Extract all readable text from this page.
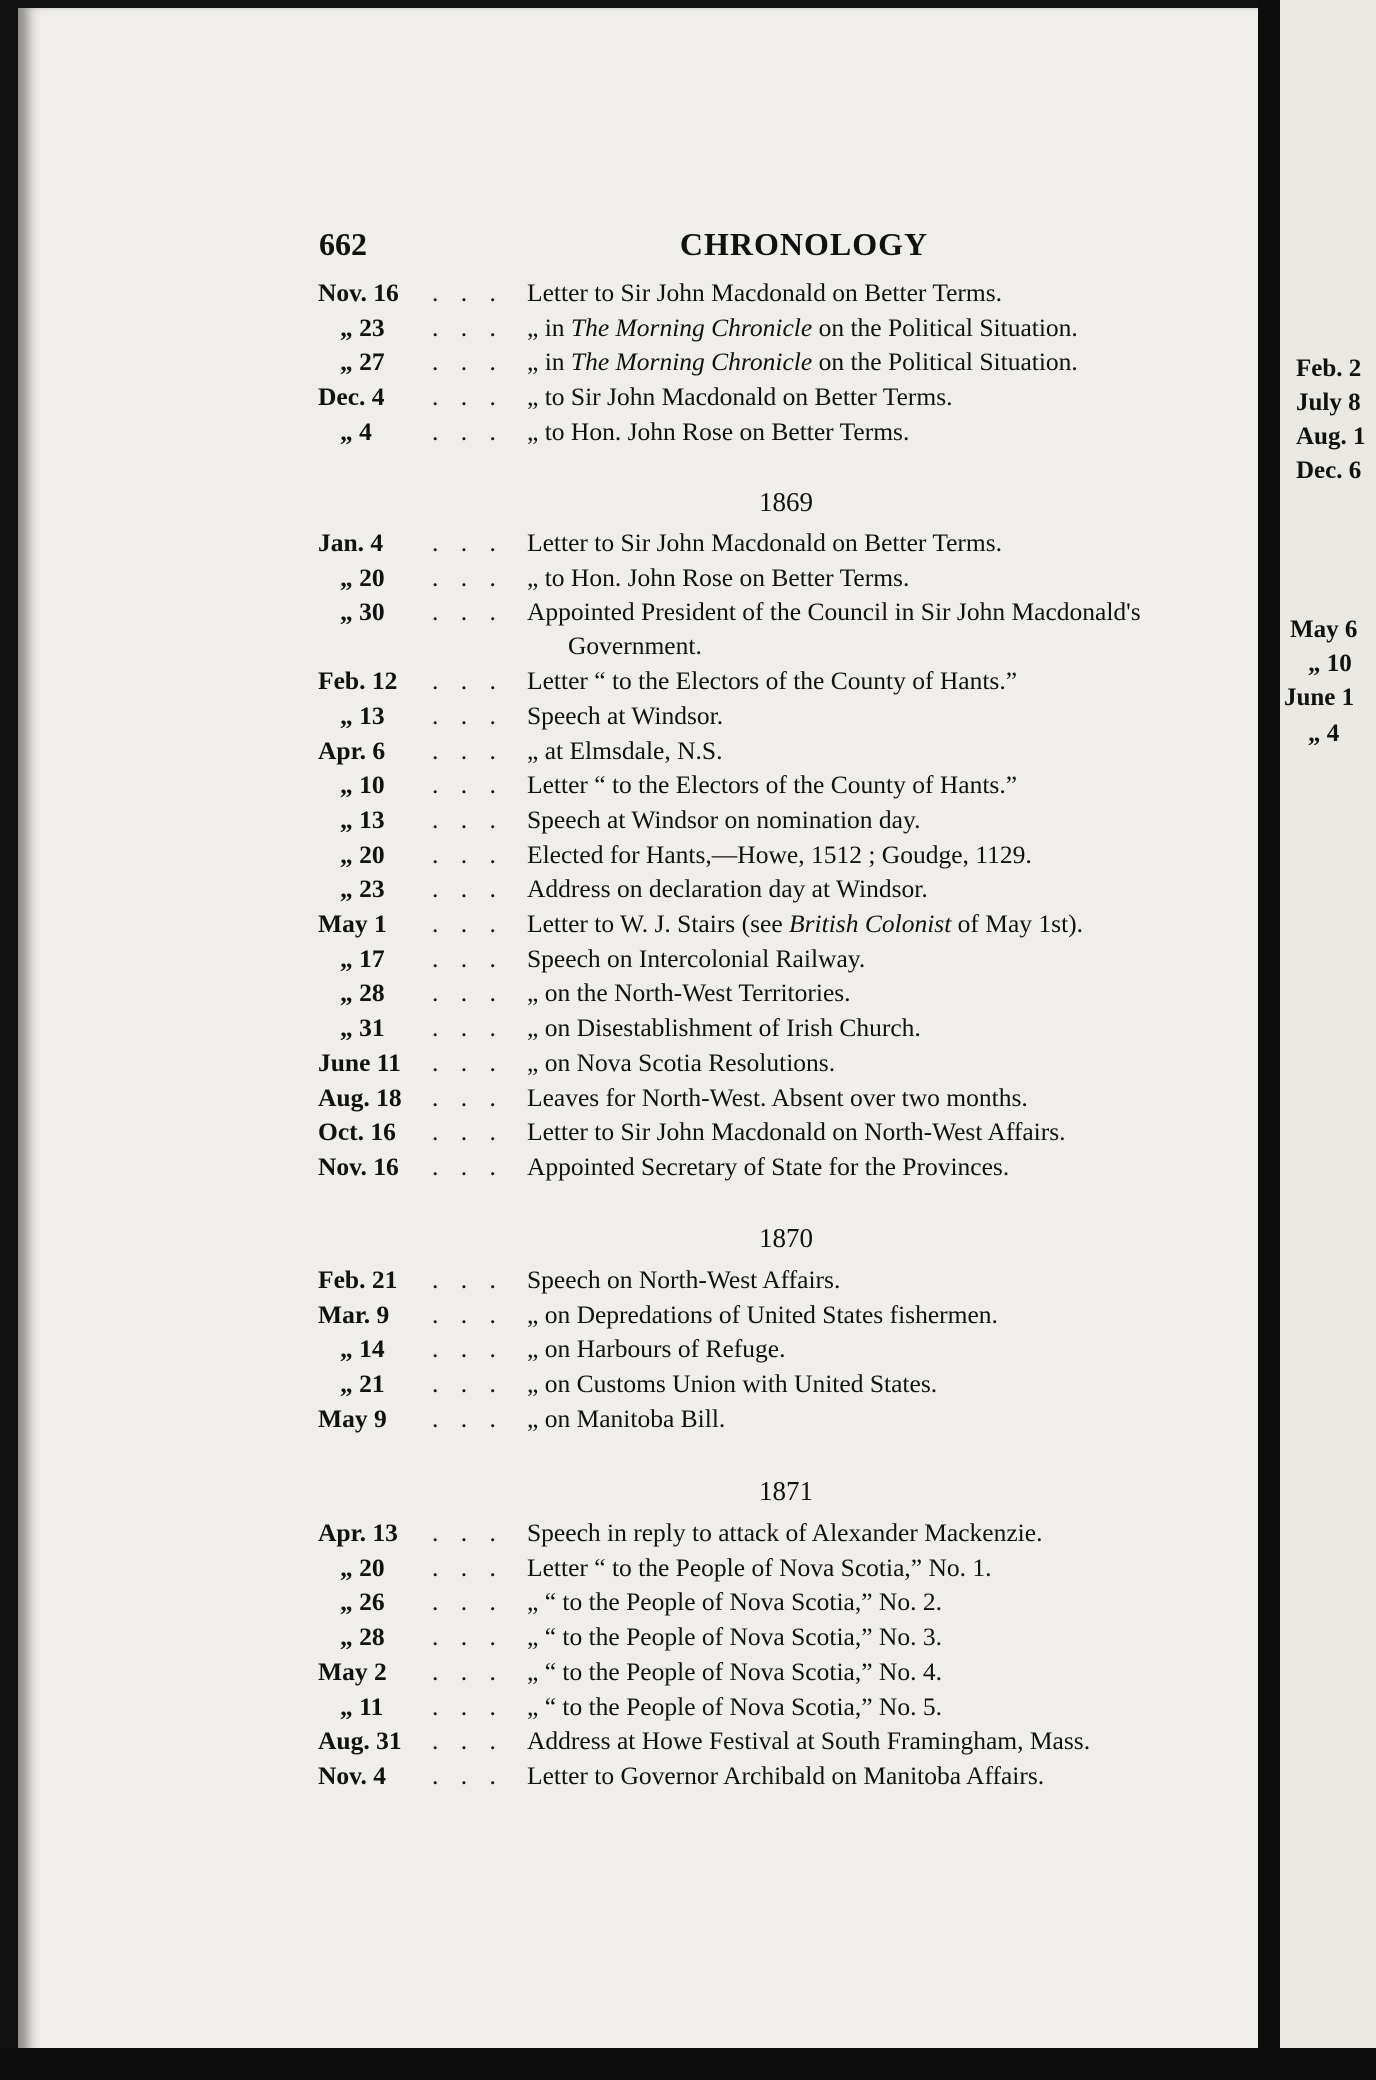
662	CHRONOLOGY
Nov. 16 . . . Letter to Sir John Macdonald on Better Terms.
„ 23 . . . „ in The Morning Chronicle on the Political Situation.
„ 27 . . . „ in The Morning Chronicle on the Political Situation.
Dec. 4 . . . „ to Sir John Macdonald on Better Terms.
„ 4 . . . „ to Hon. John Rose on Better Terms.
1869
Jan. 4 . . . Letter to Sir John Macdonald on Better Terms.
„ 20 . . . „ to Hon. John Rose on Better Terms.
„ 30 . . . Appointed President of the Council in Sir John Macdonald's
Government.
Feb. 12 . . . Letter “ to the Electors of the County of Hants.”
„ 13 . . . Speech at Windsor.
Apr. 6 . . . „ at Elmsdale, N.S.
„ 10 . . . Letter “ to the Electors of the County of Hants.”
„ 13 . . . Speech at Windsor on nomination day.
„ 20 . . . Elected for Hants,—Howe, 1512 ; Goudge, 1129.
„ 23 . . . Address on declaration day at Windsor.
May 1 . . . Letter to W. J. Stairs (see British Colonist of May 1st).
„ 17 . . . Speech on Intercolonial Railway.
„ 28 . . . „ on the North-West Territories.
„ 31 . . . „ on Disestablishment of Irish Church.
June 11 . . . „ on Nova Scotia Resolutions.
Aug. 18 . . . Leaves for North-West. Absent over two months.
Oct. 16 . . . Letter to Sir John Macdonald on North-West Affairs.
Nov. 16 . . . Appointed Secretary of State for the Provinces.
1870
Feb. 21 . . . Speech on North-West Affairs.
Mar. 9 . . . „ on Depredations of United States fishermen.
„ 14 . . . „ on Harbours of Refuge.
„ 21 . . . „ on Customs Union with United States.
May 9 . . . „ on Manitoba Bill.
1871
Apr. 13 . . . Speech in reply to attack of Alexander Mackenzie.
„ 20 . . . Letter “ to the People of Nova Scotia,” No. 1.
„ 26 . . . „ “ to the People of Nova Scotia,” No. 2.
„ 28 . . . „ “ to the People of Nova Scotia,” No. 3.
May 2 . . . „ “ to the People of Nova Scotia,” No. 4.
„ 11 . . . „ “ to the People of Nova Scotia,” No. 5.
Aug. 31 . . . Address at Howe Festival at South Framingham, Mass.
Nov. 4 . . . Letter to Governor Archibald on Manitoba Affairs.
Feb. 2
July 8
Aug. 1
Dec. 6
May 6
„ 10
June 1
„ 4
